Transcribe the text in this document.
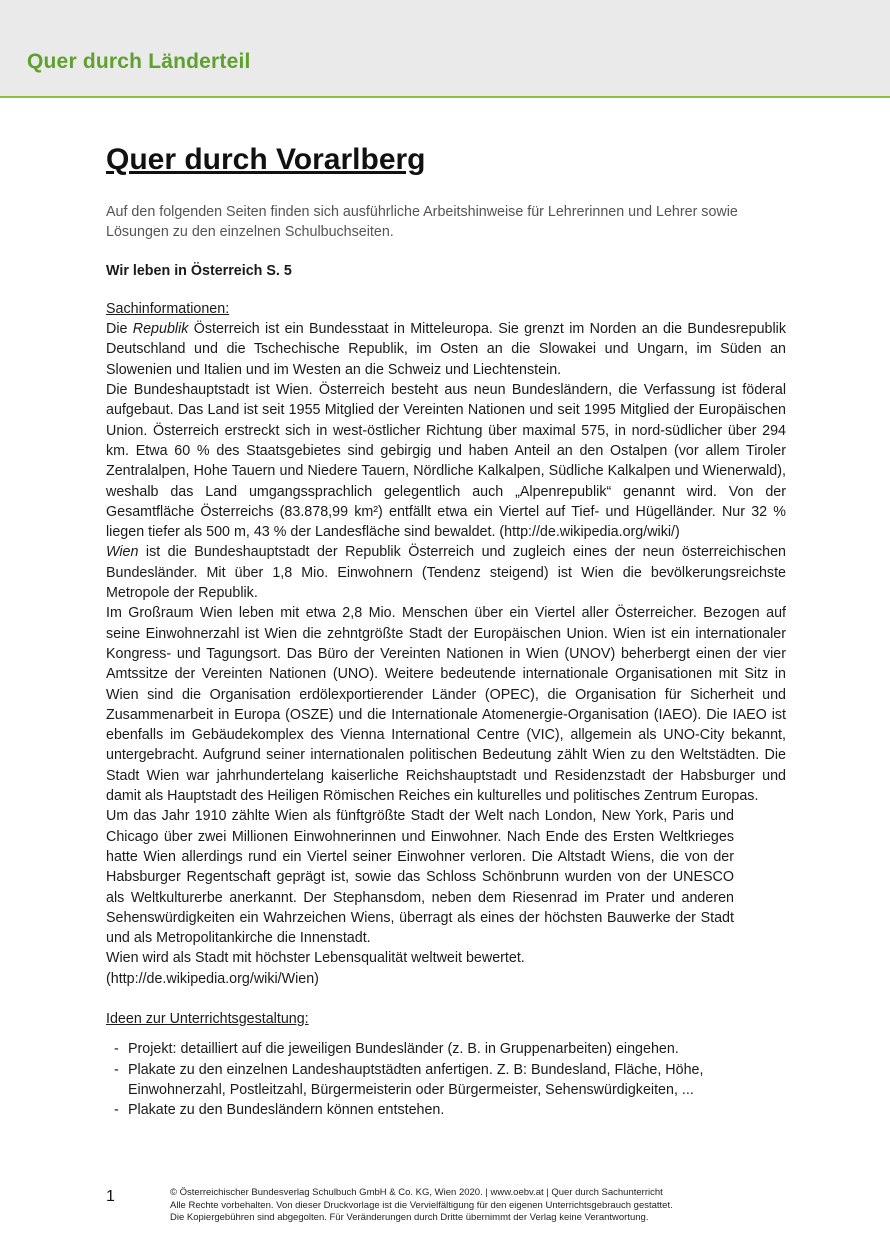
Quer durch Länderteil
Quer durch Vorarlberg

Auf den folgenden Seiten finden sich ausführliche Arbeitshinweise für Lehrerinnen und Lehrer sowie Lösungen zu den einzelnen Schulbuchseiten.

Wir leben in Österreich S. 5

Sachinformationen:

Die Republik Österreich ist ein Bundesstaat in Mitteleuropa. Sie grenzt im Norden an die Bundesrepublik Deutschland und die Tschechische Republik, im Osten an die Slowakei und Ungarn, im Süden an Slowenien und Italien und im Westen an die Schweiz und Liechtenstein.

Die Bundeshauptstadt ist Wien. Österreich besteht aus neun Bundesländern, die Verfassung ist föderal aufgebaut. Das Land ist seit 1955 Mitglied der Vereinten Nationen und seit 1995 Mitglied der Europäischen Union. Österreich erstreckt sich in west-östlicher Richtung über maximal 575, in nord-südlicher über 294 km. Etwa 60 % des Staatsgebietes sind gebirgig und haben Anteil an den Ostalpen (vor allem Tiroler Zentralalpen, Hohe Tauern und Niedere Tauern, Nördliche Kalkalpen, Südliche Kalkalpen und Wienerwald), weshalb das Land umgangssprachlich gelegentlich auch „Alpenrepublik“ genannt wird. Von der Gesamtfläche Österreichs (83.878,99 km²) entfällt etwa ein Viertel auf Tief- und Hügelländer. Nur 32 % liegen tiefer als 500 m, 43 % der Landesfläche sind bewaldet. (http://de.wikipedia.org/wiki/)

Wien ist die Bundeshauptstadt der Republik Österreich und zugleich eines der neun österreichischen Bundesländer. Mit über 1,8 Mio. Einwohnern (Tendenz steigend) ist Wien die bevölkerungsreichste Metropole der Republik.

Im Großraum Wien leben mit etwa 2,8 Mio. Menschen über ein Viertel aller Österreicher. Bezogen auf seine Einwohnerzahl ist Wien die zehntgrößte Stadt der Europäischen Union. Wien ist ein internationaler Kongress- und Tagungsort. Das Büro der Vereinten Nationen in Wien (UNOV) beherbergt einen der vier Amtssitze der Vereinten Nationen (UNO). Weitere bedeutende internationale Organisationen mit Sitz in Wien sind die Organisation erdölexportierender Länder (OPEC), die Organisation für Sicherheit und Zusammenarbeit in Europa (OSZE) und die Internationale Atomenergie-Organisation (IAEO). Die IAEO ist ebenfalls im Gebäudekomplex des Vienna International Centre (VIC), allgemein als UNO-City bekannt, untergebracht. Aufgrund seiner internationalen politischen Bedeutung zählt Wien zu den Weltstädten. Die Stadt Wien war jahrhundertelang kaiserliche Reichshauptstadt und Residenzstadt der Habsburger und damit als Hauptstadt des Heiligen Römischen Reiches ein kulturelles und politisches Zentrum Europas.

Um das Jahr 1910 zählte Wien als fünftgrößte Stadt der Welt nach London, New York, Paris und Chicago über zwei Millionen Einwohnerinnen und Einwohner. Nach Ende des Ersten Weltkrieges hatte Wien allerdings rund ein Viertel seiner Einwohner verloren. Die Altstadt Wiens, die von der Habsburger Regentschaft geprägt ist, sowie das Schloss Schönbrunn wurden von der UNESCO als Weltkulturerbe anerkannt. Der Stephansdom, neben dem Riesenrad im Prater und anderen Sehenswürdigkeiten ein Wahrzeichen Wiens, überragt als eines der höchsten Bauwerke der Stadt und als Metropolitankirche die Innenstadt.

Wien wird als Stadt mit höchster Lebensqualität weltweit bewertet.

(http://de.wikipedia.org/wiki/Wien)

Ideen zur Unterrichtsgestaltung:

- Projekt: detailliert auf die jeweiligen Bundesländer (z. B. in Gruppenarbeiten) eingehen.
- Plakate zu den einzelnen Landeshauptstädten anfertigen. Z. B: Bundesland, Fläche, Höhe, Einwohnerzahl, Postleitzahl, Bürgermeisterin oder Bürgermeister, Sehenswürdigkeiten, ...
- Plakate zu den Bundesländern können entstehen.
1	© Österreichischer Bundesverlag Schulbuch GmbH & Co. KG, Wien 2020. | www.oebv.at | Quer durch Sachunterricht
Alle Rechte vorbehalten. Von dieser Druckvorlage ist die Vervielfältigung für den eigenen Unterrichtsgebrauch gestattet.
Die Kopiergebühren sind abgegolten. Für Veränderungen durch Dritte übernimmt der Verlag keine Verantwortung.
